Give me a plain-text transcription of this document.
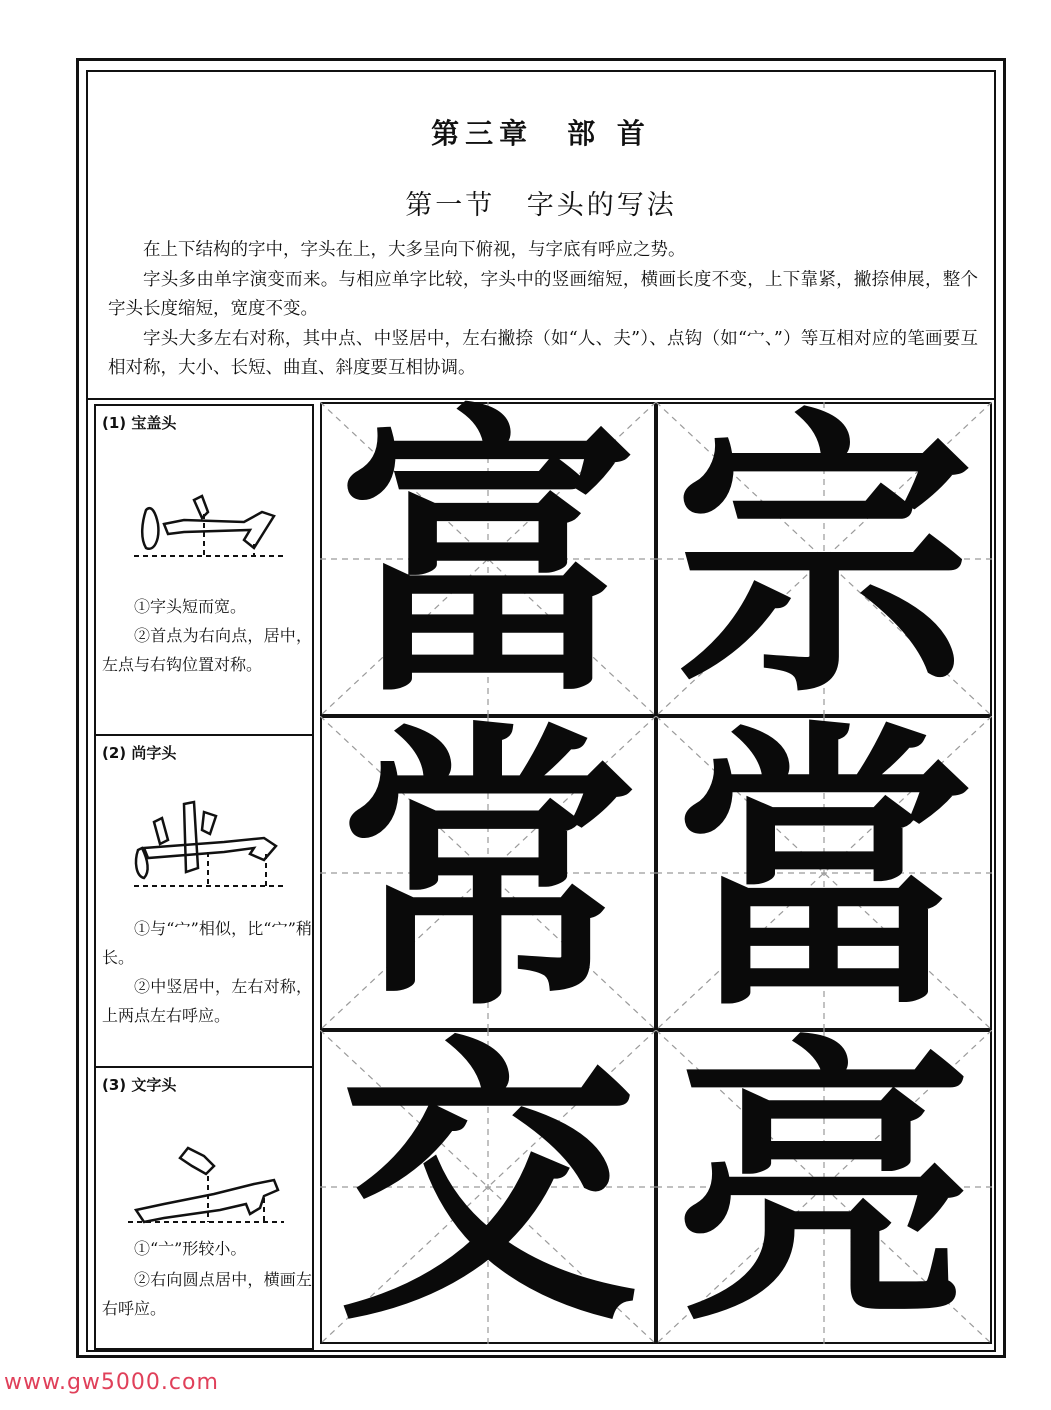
第三章　部 首
第一节 字头的写法
在上下结构的字中，字头在上，大多呈向下俯视，与字底有呼应之势。
字头多由单字演变而来。与相应单字比较，字头中的竖画缩短，横画长度不变，上下靠紧，撇捺伸展，整个字头长度缩短，宽度不变。
字头大多左右对称，其中点、中竖居中，左右撇捺（如“人、夫”）、点钩（如“宀、”）等互相对应的笔画要互相对称，大小、长短、曲直、斜度要互相协调。
(1) 宝盖头
①字头短而宽。
②首点为右向点，居中，左点与右钩位置对称。
(2) 尚字头
①与“宀”相似，比“宀”稍长。
②中竖居中，左右对称，上两点左右呼应。
(3) 文字头
①“亠”形较小。
②右向圆点居中，横画左右呼应。
富 宗
常 當
交 亮
www.gw5000.com
